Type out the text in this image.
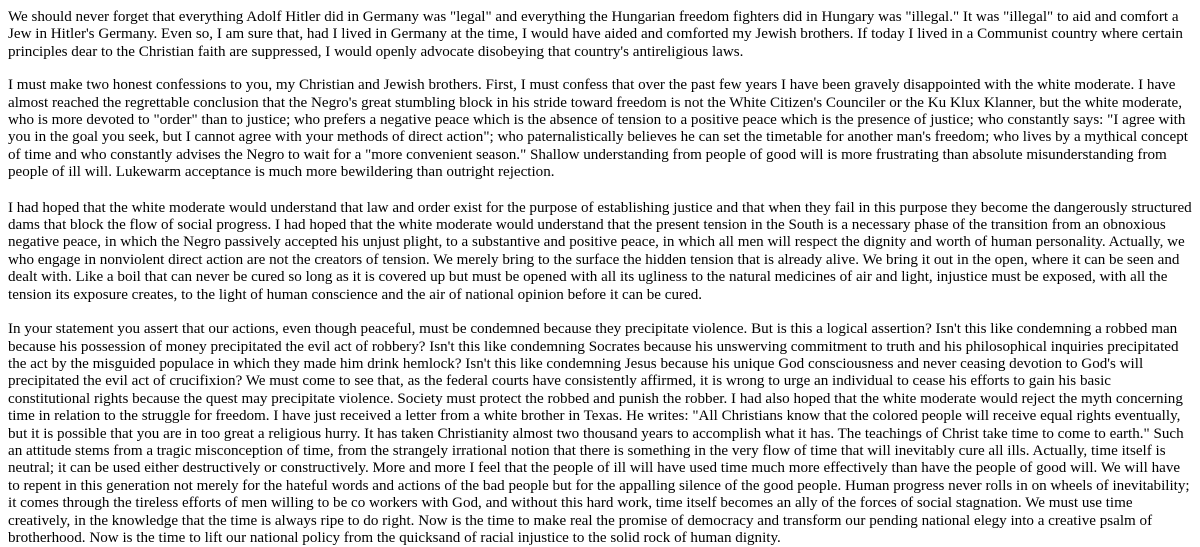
We should never forget that everything Adolf Hitler did in Germany was "legal" and everything the Hungarian freedom fighters did in Hungary was "illegal." It was "illegal" to aid and comfort a Jew in Hitler's Germany. Even so, I am sure that, had I lived in Germany at the time, I would have aided and comforted my Jewish brothers. If today I lived in a Communist country where certain principles dear to the Christian faith are suppressed, I would openly advocate disobeying that country's antireligious laws.

I must make two honest confessions to you, my Christian and Jewish brothers. First, I must confess that over the past few years I have been gravely disappointed with the white moderate. I have almost reached the regrettable conclusion that the Negro's great stumbling block in his stride toward freedom is not the White Citizen's Counciler or the Ku Klux Klanner, but the white moderate, who is more devoted to "order" than to justice; who prefers a negative peace which is the absence of tension to a positive peace which is the presence of justice; who constantly says: "I agree with you in the goal you seek, but I cannot agree with your methods of direct action"; who paternalistically believes he can set the timetable for another man's freedom; who lives by a mythical concept of time and who constantly advises the Negro to wait for a "more convenient season." Shallow understanding from people of good will is more frustrating than absolute misunderstanding from people of ill will. Lukewarm acceptance is much more bewildering than outright rejection.

I had hoped that the white moderate would understand that law and order exist for the purpose of establishing justice and that when they fail in this purpose they become the dangerously structured dams that block the flow of social progress. I had hoped that the white moderate would understand that the present tension in the South is a necessary phase of the transition from an obnoxious negative peace, in which the Negro passively accepted his unjust plight, to a substantive and positive peace, in which all men will respect the dignity and worth of human personality. Actually, we who engage in nonviolent direct action are not the creators of tension. We merely bring to the surface the hidden tension that is already alive. We bring it out in the open, where it can be seen and dealt with. Like a boil that can never be cured so long as it is covered up but must be opened with all its ugliness to the natural medicines of air and light, injustice must be exposed, with all the tension its exposure creates, to the light of human conscience and the air of national opinion before it can be cured.

In your statement you assert that our actions, even though peaceful, must be condemned because they precipitate violence. But is this a logical assertion? Isn't this like condemning a robbed man because his possession of money precipitated the evil act of robbery? Isn't this like condemning Socrates because his unswerving commitment to truth and his philosophical inquiries precipitated the act by the misguided populace in which they made him drink hemlock? Isn't this like condemning Jesus because his unique God consciousness and never ceasing devotion to God's will precipitated the evil act of crucifixion? We must come to see that, as the federal courts have consistently affirmed, it is wrong to urge an individual to cease his efforts to gain his basic constitutional rights because the quest may precipitate violence. Society must protect the robbed and punish the robber. I had also hoped that the white moderate would reject the myth concerning time in relation to the struggle for freedom. I have just received a letter from a white brother in Texas. He writes: "All Christians know that the colored people will receive equal rights eventually, but it is possible that you are in too great a religious hurry. It has taken Christianity almost two thousand years to accomplish what it has. The teachings of Christ take time to come to earth." Such an attitude stems from a tragic misconception of time, from the strangely irrational notion that there is something in the very flow of time that will inevitably cure all ills. Actually, time itself is neutral; it can be used either destructively or constructively. More and more I feel that the people of ill will have used time much more effectively than have the people of good will. We will have to repent in this generation not merely for the hateful words and actions of the bad people but for the appalling silence of the good people. Human progress never rolls in on wheels of inevitability; it comes through the tireless efforts of men willing to be co workers with God, and without this hard work, time itself becomes an ally of the forces of social stagnation. We must use time creatively, in the knowledge that the time is always ripe to do right. Now is the time to make real the promise of democracy and transform our pending national elegy into a creative psalm of brotherhood. Now is the time to lift our national policy from the quicksand of racial injustice to the solid rock of human dignity.
